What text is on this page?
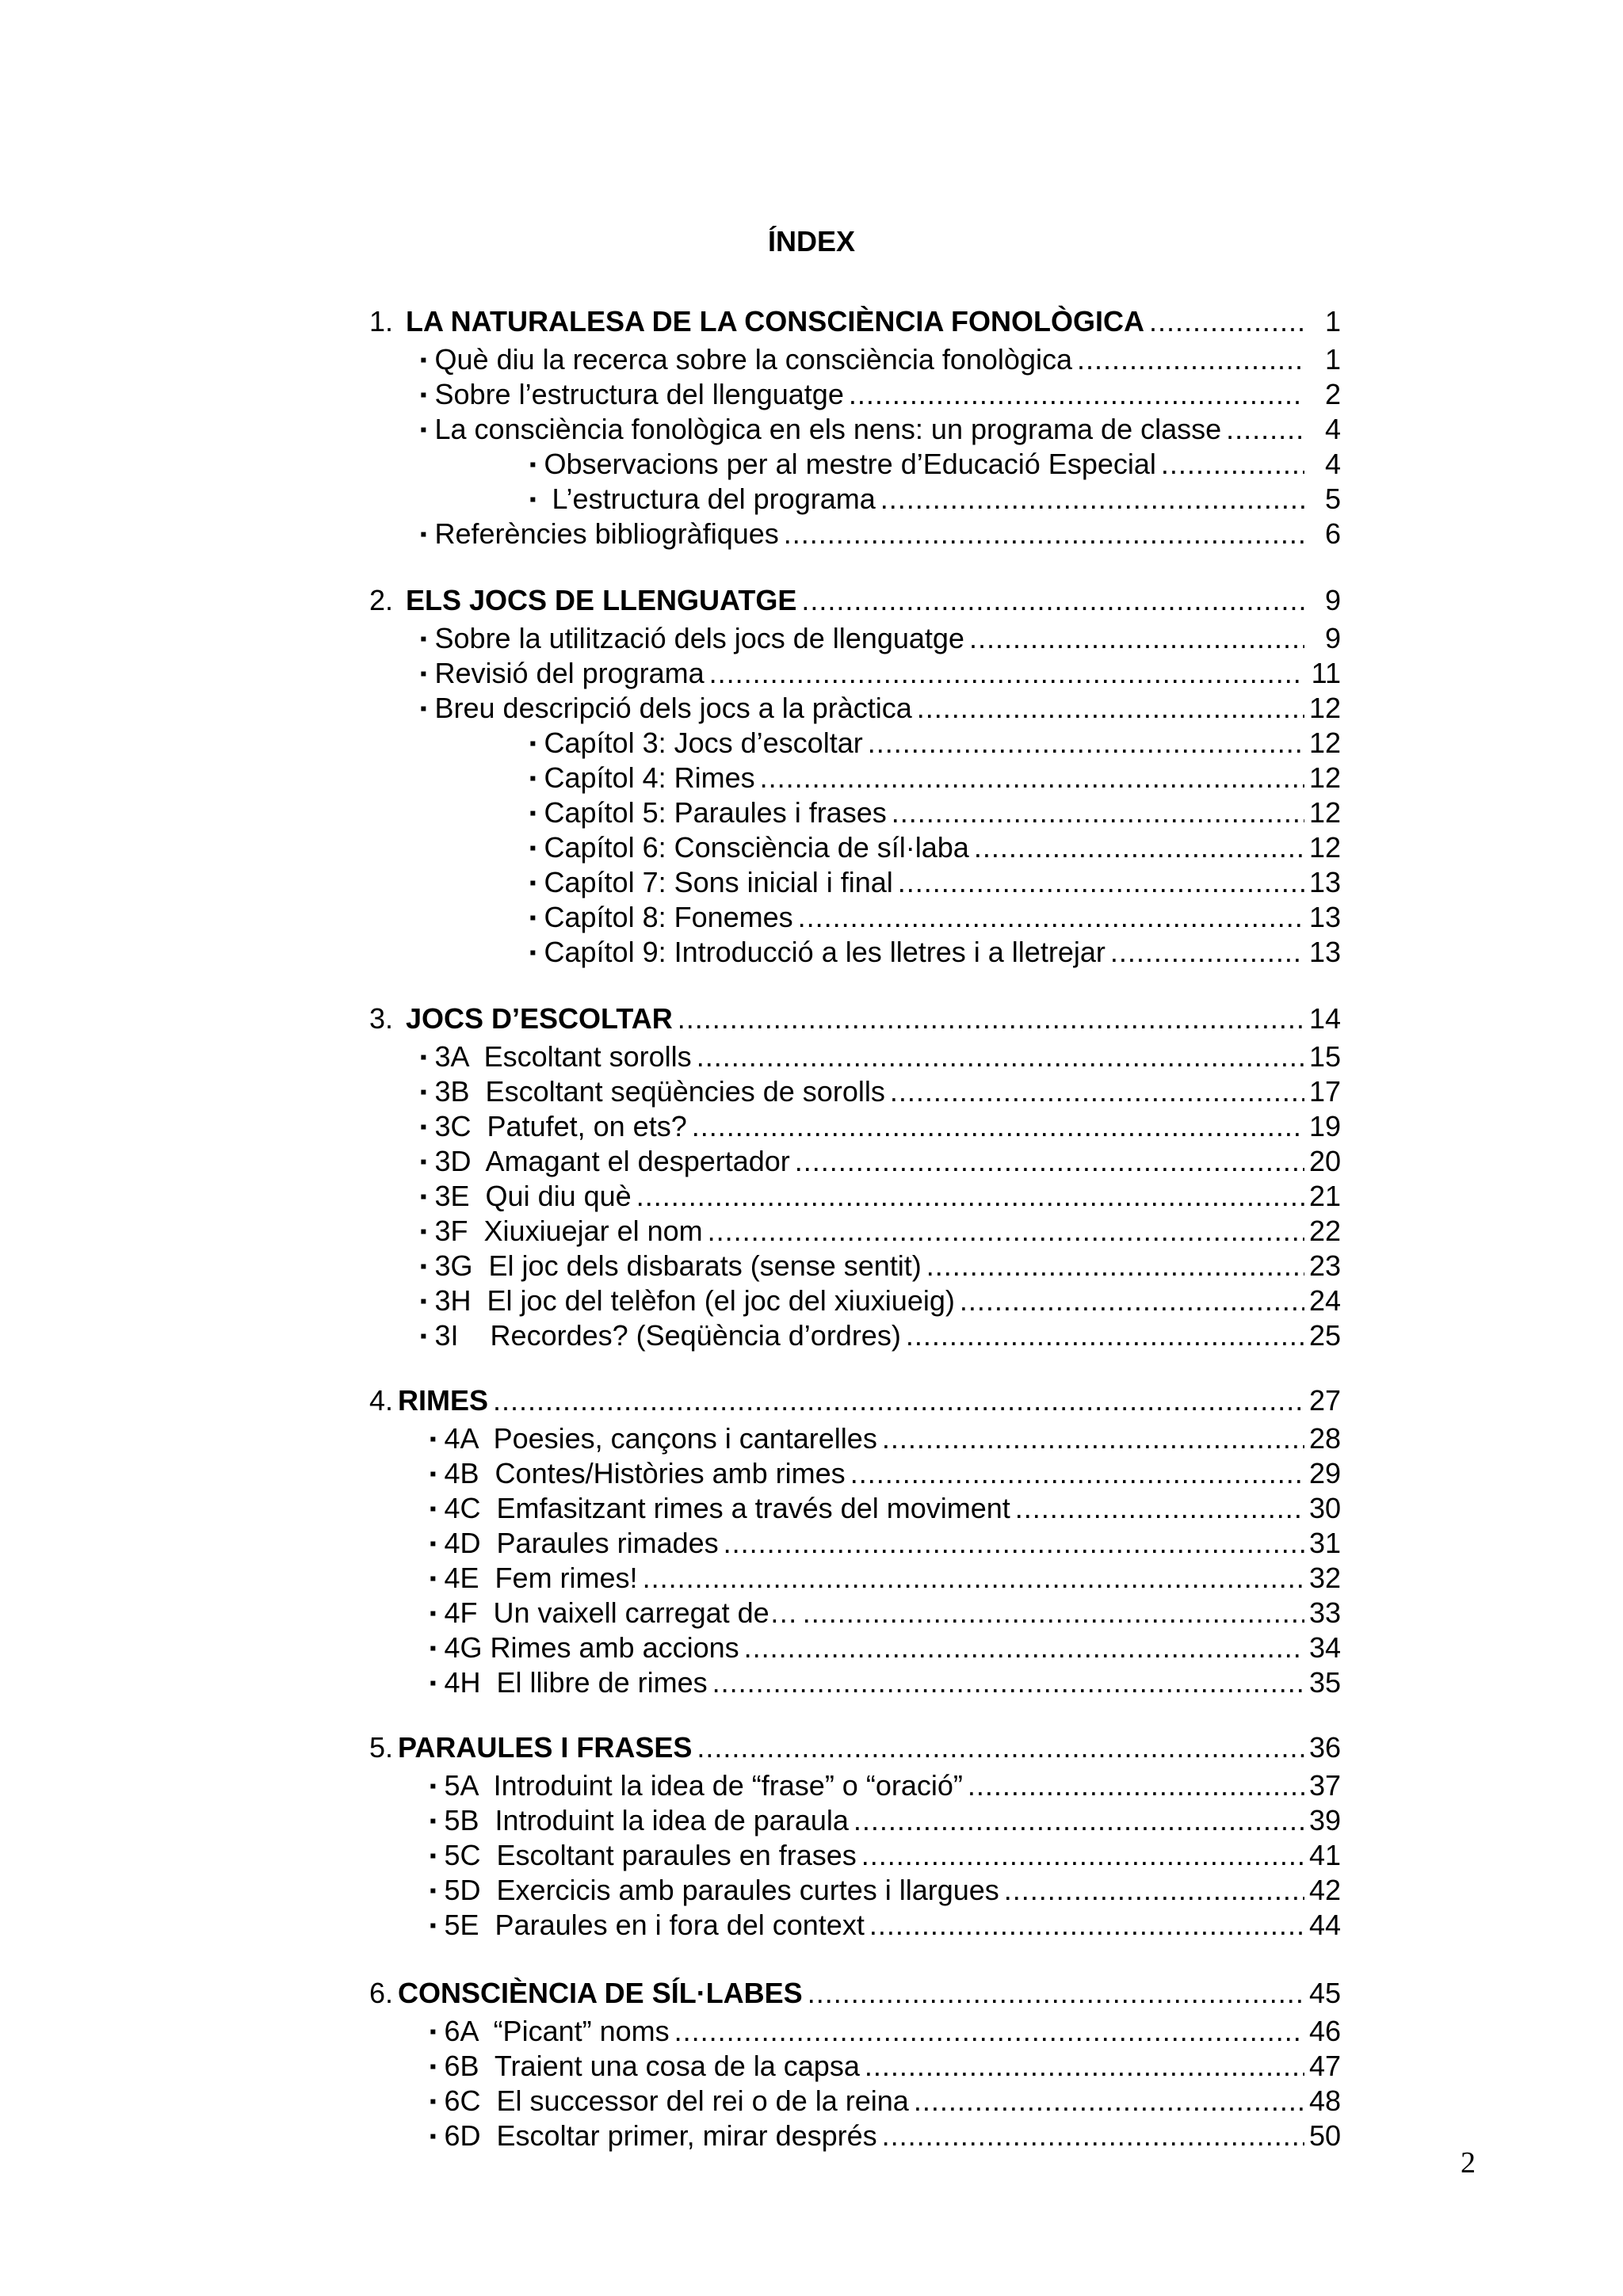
ÍNDEX
1. LA NATURALESA DE LA CONSCIÈNCIA FONOLÒGICA .....	1
▪ Què diu la recerca sobre la consciència fonològica .....	1
▪ Sobre l’estructura del llenguatge .....	2
▪ La consciència fonològica en els nens: un programa de classe .....	4
▪ Observacions per al mestre d’Educació Especial .....	4
▪ L’estructura del programa .....	5
▪ Referències bibliogràfiques .....	6
2. ELS JOCS DE LLENGUATGE .....	9
▪ Sobre la utilització dels jocs de llenguatge .....	9
▪ Revisió del programa .....	11
▪ Breu descripció dels jocs a la pràctica .....	12
▪ Capítol 3: Jocs d’escoltar .....	12
▪ Capítol 4: Rimes .....	12
▪ Capítol 5: Paraules i frases .....	12
▪ Capítol 6: Consciència de síl·laba .....	12
▪ Capítol 7: Sons inicial i final .....	13
▪ Capítol 8: Fonemes .....	13
▪ Capítol 9: Introducció a les lletres i a lletrejar .....	13
3. JOCS D’ESCOLTAR .....	14
▪ 3A  Escoltant sorolls .....	15
▪ 3B  Escoltant seqüències de sorolls .....	17
▪ 3C  Patufet, on ets? .....	19
▪ 3D  Amagant el despertador .....	20
▪ 3E  Qui diu què .....	21
▪ 3F  Xiuxiuejar el nom .....	22
▪ 3G  El joc dels disbarats (sense sentit) .....	23
▪ 3H  El joc del telèfon (el joc del xiuxiueig) .....	24
▪ 3I    Recordes? (Seqüència d’ordres) .....	25
4. RIMES .....	27
▪ 4A  Poesies, cançons i cantarelles .....	28
▪ 4B  Contes/Històries amb rimes .....	29
▪ 4C  Emfasitzant rimes a través del moviment .....	30
▪ 4D  Paraules rimades .....	31
▪ 4E  Fem rimes! .....	32
▪ 4F  Un vaixell carregat de… .....	33
▪ 4G Rimes amb accions .....	34
▪ 4H  El llibre de rimes .....	35
5. PARAULES I FRASES .....	36
▪ 5A  Introduint la idea de “frase” o “oració” .....	37
▪ 5B  Introduint la idea de paraula .....	39
▪ 5C  Escoltant paraules en frases .....	41
▪ 5D  Exercicis amb paraules curtes i llargues .....	42
▪ 5E  Paraules en i fora del context .....	44
6. CONSCIÈNCIA DE SÍL·LABES .....	45
▪ 6A  “Picant” noms .....	46
▪ 6B  Traient una cosa de la capsa .....	47
▪ 6C  El successor del rei o de la reina .....	48
▪ 6D  Escoltar primer, mirar després .....	50
2
